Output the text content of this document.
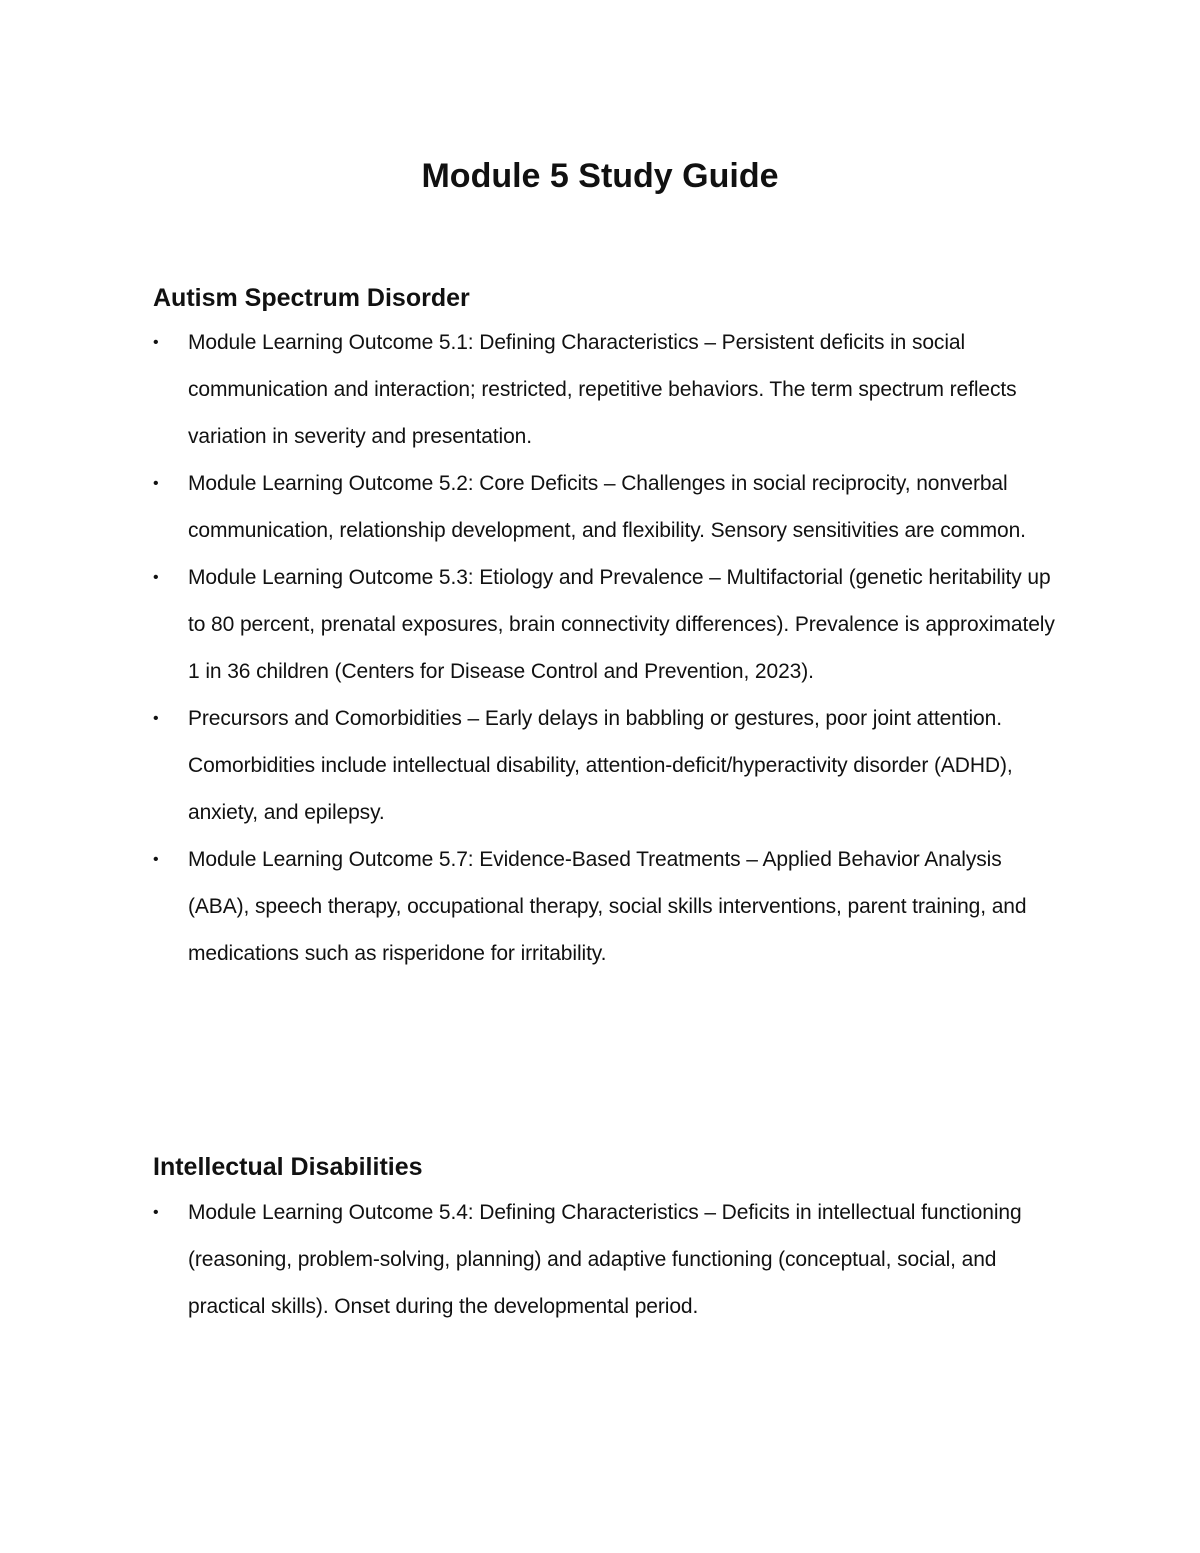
Module 5 Study Guide
Autism Spectrum Disorder
• Module Learning Outcome 5.1: Defining Characteristics – Persistent deficits in social communication and interaction; restricted, repetitive behaviors. The term spectrum reflects variation in severity and presentation.
• Module Learning Outcome 5.2: Core Deficits – Challenges in social reciprocity, nonverbal communication, relationship development, and flexibility. Sensory sensitivities are common.
• Module Learning Outcome 5.3: Etiology and Prevalence – Multifactorial (genetic heritability up to 80 percent, prenatal exposures, brain connectivity differences). Prevalence is approximately 1 in 36 children (Centers for Disease Control and Prevention, 2023).
• Precursors and Comorbidities – Early delays in babbling or gestures, poor joint attention. Comorbidities include intellectual disability, attention-deficit/hyperactivity disorder (ADHD), anxiety, and epilepsy.
• Module Learning Outcome 5.7: Evidence-Based Treatments – Applied Behavior Analysis (ABA), speech therapy, occupational therapy, social skills interventions, parent training, and medications such as risperidone for irritability.
Intellectual Disabilities
• Module Learning Outcome 5.4: Defining Characteristics – Deficits in intellectual functioning (reasoning, problem-solving, planning) and adaptive functioning (conceptual, social, and practical skills). Onset during the developmental period.
